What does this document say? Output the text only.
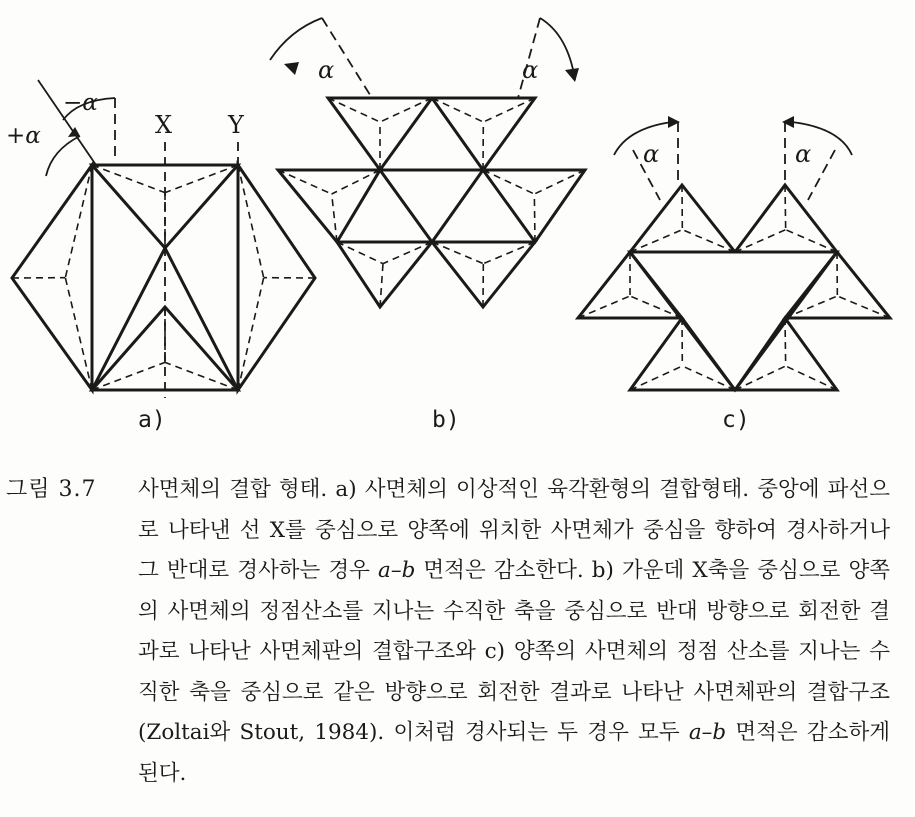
X Y
−α
+α
α	α
α	α
a)	b)	c)
그림 3.7 사면체의 결합 형태. a) 사면체의 이상적인 육각환형의 결합형태. 중앙에 파선으로 나타낸 선 X를 중심으로 양쪽에 위치한 사면체가 중심을 향하여 경사하거나 그 반대로 경사하는 경우 a–b 면적은 감소한다. b) 가운데 X축을 중심으로 양쪽의 사면체의 정점산소를 지나는 수직한 축을 중심으로 반대 방향으로 회전한 결과로 나타난 사면체판의 결합구조와 c) 양쪽의 사면체의 정점 산소를 지나는 수직한 축을 중심으로 같은 방향으로 회전한 결과로 나타난 사면체판의 결합구조(Zoltai와 Stout, 1984). 이처럼 경사되는 두 경우 모두 a–b 면적은 감소하게 된다.
